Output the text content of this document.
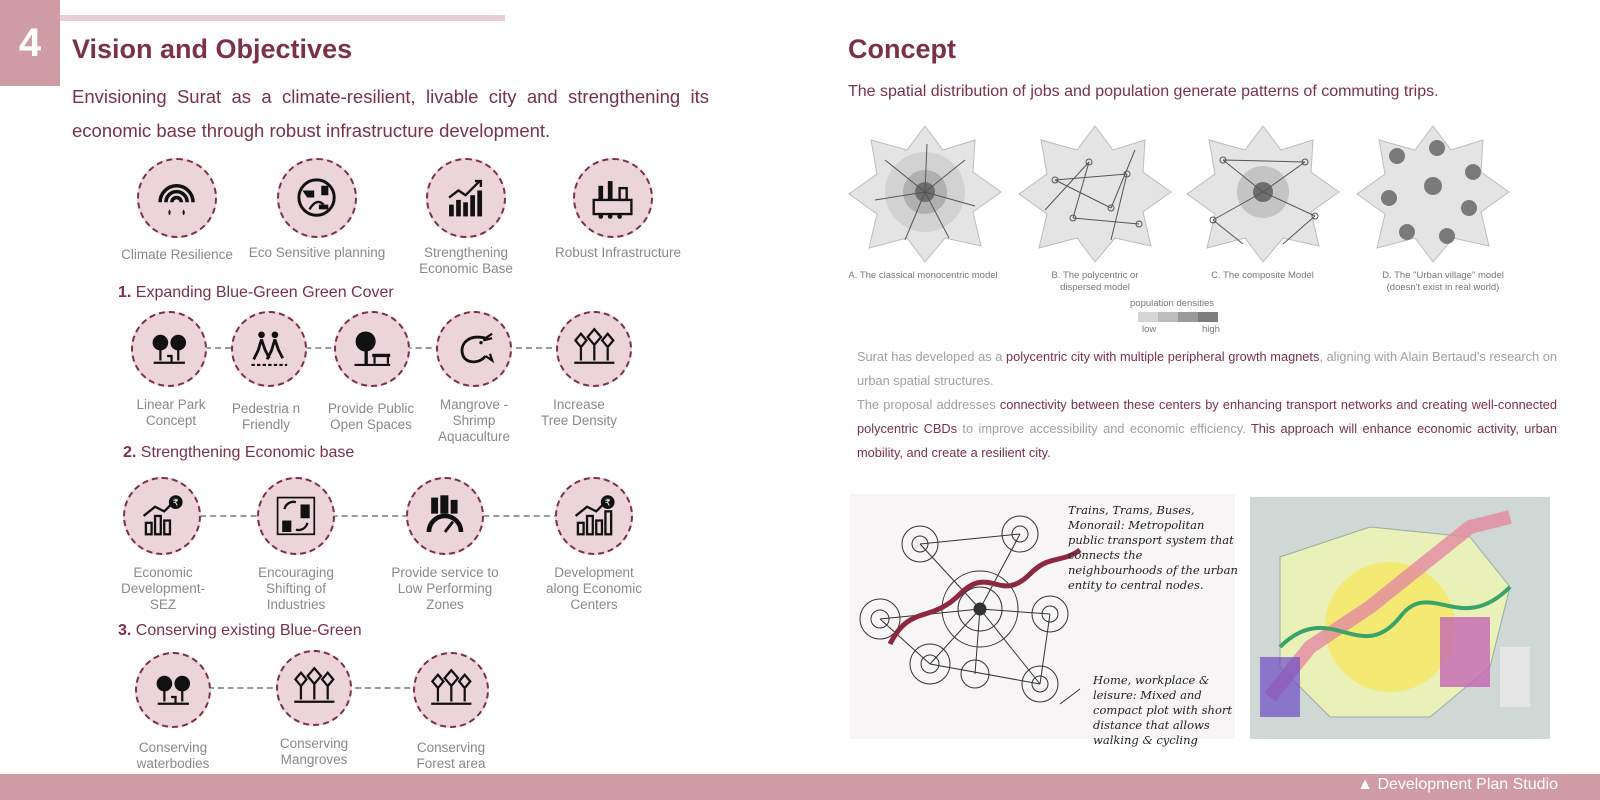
4	Vision and Objectives
Envisioning Surat as a climate-resilient, livable city and strengthening its economic base through robust infrastructure development.
Climate Resilience	Eco Sensitive planning	Strengthening Economic Base
Robust Infrastructure
1. Expanding Blue-Green Green Cover
Linear Park Concept
Pedestria n Friendly
Provide Public Open Spaces
Mangrove - Shrimp Aquaculture
Increase Tree Density
2. Strengthening Economic base
₹
Economic Development- SEZ
Encouraging Shifting of Industries
Provide service to Low Performing Zones
₹
Development along Economic Centers
3. Conserving existing Blue-Green
Conserving waterbodies
Conserving Mangroves
Conserving Forest area
Concept
The spatial distribution of jobs and population generate patterns of commuting trips.
A. The classical monocentric model	B. The polycentric or dispersed model
C. The composite Model	D. The "Urban village" model (doesn't exist in real world)
population densities
low	high
Surat has developed as a polycentric city with multiple peripheral growth magnets, aligning with Alain Bertaud's research on urban spatial structures.
The proposal addresses connectivity between these centers by enhancing transport networks and creating well-connected polycentric CBDs to improve accessibility and economic efficiency. This approach will enhance economic activity, urban mobility, and create a resilient city.
Trains, Trams, Buses, Monorail: Metropolitan public transport system that connects the neighbourhoods of the urban entity to central nodes.
Home, workplace & leisure: Mixed and compact plot with short distance that allows walking & cycling
▲ Development Plan Studio
